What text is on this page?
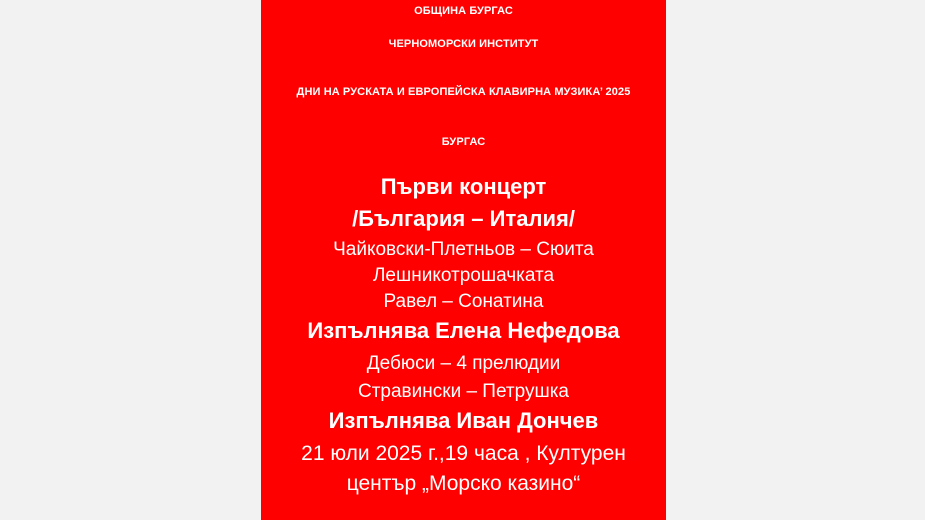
ОБЩИНА БУРГАС
ЧЕРНОМОРСКИ ИНСТИТУТ
ДНИ НА РУСКАТА И ЕВРОПЕЙСКА КЛАВИРНА МУЗИКА’ 2025
БУРГАС
Първи концерт
/България – Италия/
Чайковски-Плетньов – Сюита
Лешникотрошачката
Равел – Сонатина
Изпълнява Елена Нефедова
Дебюси – 4 прелюдии
Стравински – Петрушка
Изпълнява Иван Дончев
21 юли 2025 г.,19 часа , Културен
център „Морско казино“
